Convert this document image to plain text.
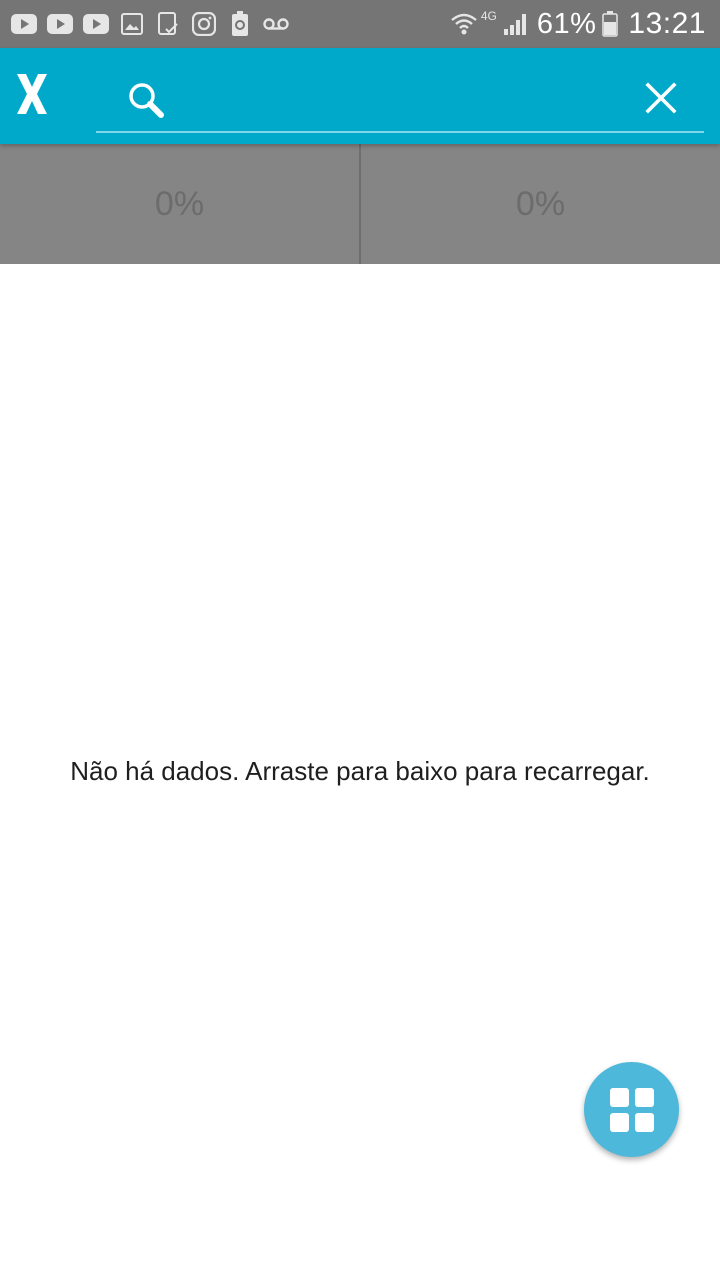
4G 61% 13:21
0%	0%
Não há dados. Arraste para baixo para recarregar.
